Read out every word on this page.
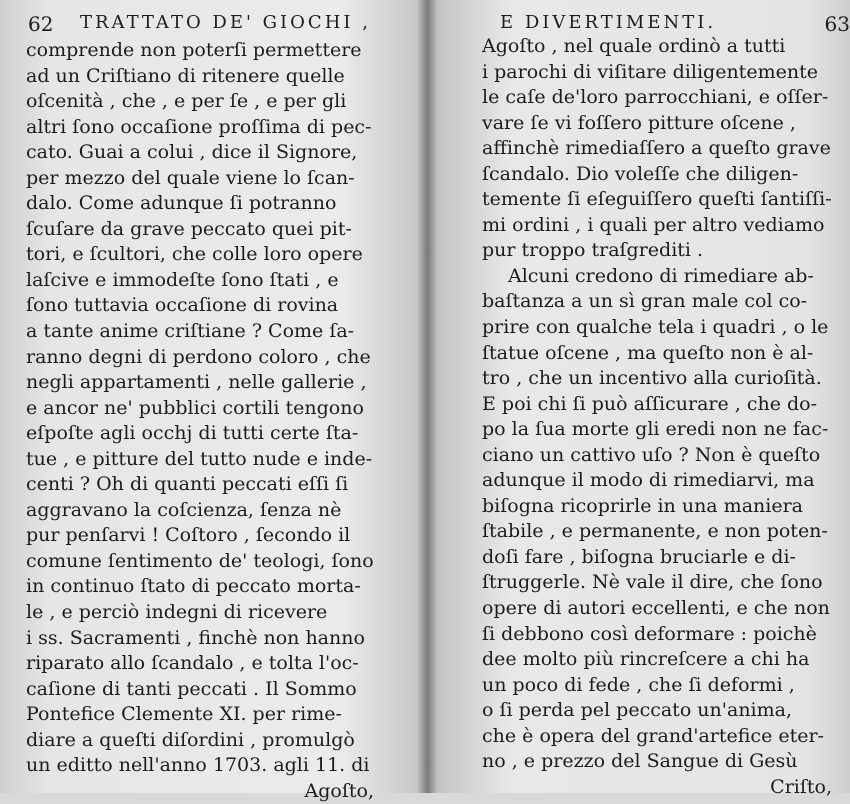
62 TRATTATO DE' GIOCHI ,
comprende non poterſi permettere
ad un Criſtiano di ritenere quelle
oſcenità , che , e per ſe , e per gli
altri ſono occaſione proſſima di pec-
cato. Guai a colui , dice il Signore,
per mezzo del quale viene lo ſcan-
dalo. Come adunque ſi potranno
ſcuſare da grave peccato quei pit-
tori, e ſcultori, che colle loro opere
laſcive e immodeſte ſono ſtati , e
ſono tuttavia occaſione di rovina
a tante anime criſtiane ? Come ſa-
ranno degni di perdono coloro , che
negli appartamenti , nelle gallerie ,
e ancor ne' pubblici cortili tengono
eſpoſte agli occhj di tutti certe ſta-
tue , e pitture del tutto nude e inde-
centi ? Oh di quanti peccati eſſi ſi
aggravano la coſcienza, ſenza nè
pur penſarvi ! Coſtoro , ſecondo il
comune ſentimento de' teologi, ſono
in continuo ſtato di peccato morta-
le , e perciò indegni di ricevere
i ss. Sacramenti , finchè non hanno
riparato allo ſcandalo , e tolta l'oc-
caſione di tanti peccati . Il Sommo
Pontefice Clemente XI. per rime-
diare a queſti diſordini , promulgò
un editto nell'anno 1703. agli 11. di
Agoſto,
E DIVERTIMENTI.	63
Agoſto , nel quale ordinò a tutti
i parochi di viſitare diligentemente
le caſe de'loro parrocchiani, e oſſer-
vare ſe vi foſſero pitture oſcene ,
affinchè rimediaſſero a queſto grave
ſcandalo. Dio voleſſe che diligen-
temente ſi eſeguiſſero queſti ſantiſſi-
mi ordini , i quali per altro vediamo
pur troppo traſgrediti .
Alcuni credono di rimediare ab-
baſtanza a un sì gran male col co-
prire con qualche tela i quadri , o le
ſtatue oſcene , ma queſto non è al-
tro , che un incentivo alla curioſità.
E poi chi ſi può aſſicurare , che do-
po la ſua morte gli eredi non ne fac-
ciano un cattivo uſo ? Non è queſto
adunque il modo di rimediarvi, ma
biſogna ricoprirle in una maniera
ſtabile , e permanente, e non poten-
doſi fare , biſogna bruciarle e di-
ſtruggerle. Nè vale il dire, che ſono
opere di autori eccellenti, e che non
ſi debbono così deformare : poichè
dee molto più rincreſcere a chi ha
un poco di fede , che ſi deformi ,
o ſi perda pel peccato un'anima,
che è opera del grand'artefice eter-
no , e prezzo del Sangue di Gesù
Criſto,
